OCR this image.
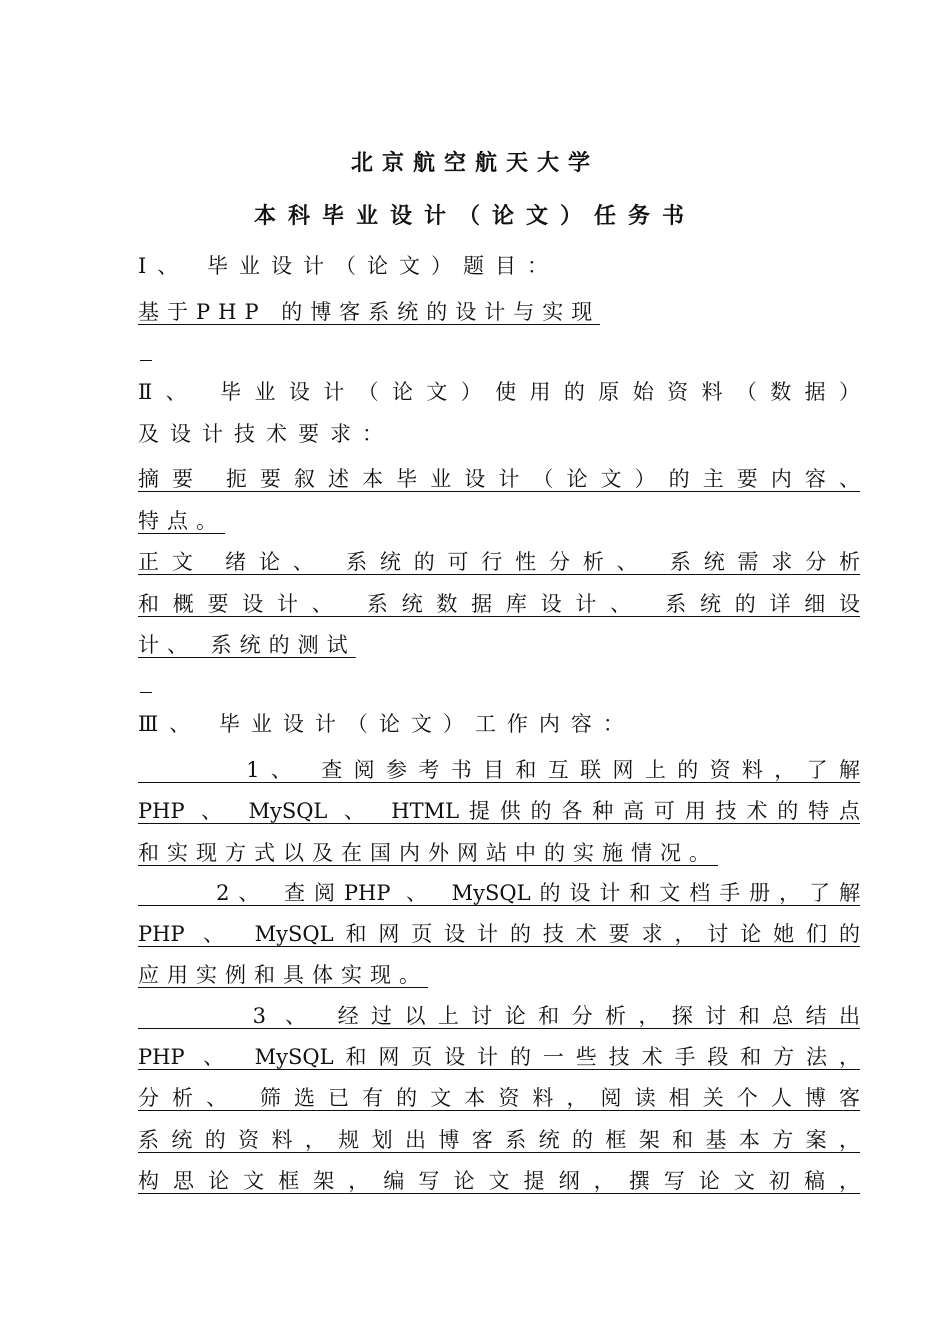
北京航空航天大学
本科毕业设计（论文）任务书
Ⅰ、 毕业设计（论文）题目：
基于PHP 的博客系统的设计与实现
Ⅱ、 毕业设计（论文）使用的原始资料（数据）
及设计技术要求：
摘要 扼要叙述本毕业设计（论文）的主要内容、
特点。
正文 绪论、 系统的可行性分析、 系统需求分析
和概要设计、 系统数据库设计、 系统的详细设
计、 系统的测试
Ⅲ、 毕业设计（论文）工作内容：
1、 查阅参考书目和互联网上的资料，了解
PHP 、 MySQL 、 HTML提供的各种高可用技术的特点
和实现方式以及在国内外网站中的实施情况。
2、 查阅PHP 、 MySQL的设计和文档手册，了解
PHP 、 MySQL和网页设计的技术要求，讨论她们的
应用实例和具体实现。
3 、 经过以上讨论和分析，探讨和总结出
PHP 、 MySQL和网页设计的一些技术手段和方法，
分析、 筛选已有的文本资料，阅读相关个人博客
系统的资料，规划出博客系统的框架和基本方案，
构思论文框架，编写论文提纲，撰写论文初稿，
